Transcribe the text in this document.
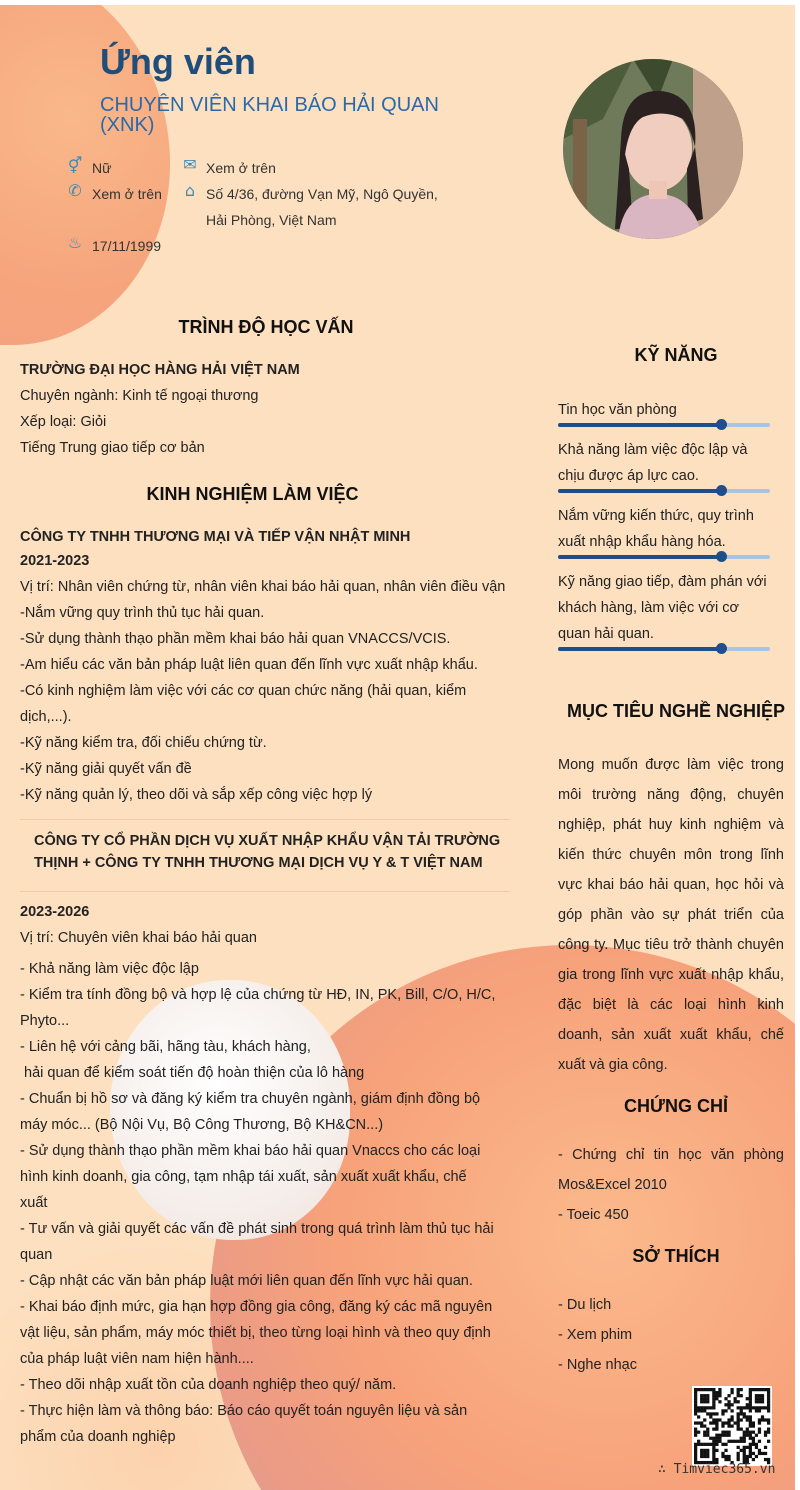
Ứng viên
CHUYÊN VIÊN KHAI BÁO HẢI QUAN (XNK)
⚥ Nữ	✉ Xem ở trên
✆ Xem ở trên ⌂ Số 4/36, đường Vạn Mỹ, Ngô Quyền,
Hải Phòng, Việt Nam
♨ 17/11/1999
TRÌNH ĐỘ HỌC VẤN
TRƯỜNG ĐẠI HỌC HÀNG HẢI VIỆT NAM
Chuyên ngành: Kinh tế ngoại thương
Xếp loại: Giỏi
Tiếng Trung giao tiếp cơ bản
KINH NGHIỆM LÀM VIỆC
CÔNG TY TNHH THƯƠNG MẠI VÀ TIẾP VẬN NHẬT MINH
2021-2023
Vị trí: Nhân viên chứng từ, nhân viên khai báo hải quan, nhân viên điều vận
-Nắm vững quy trình thủ tục hải quan.
-Sử dụng thành thạo phần mềm khai báo hải quan VNACCS/VCIS.
-Am hiểu các văn bản pháp luật liên quan đến lĩnh vực xuất nhập khẩu.
-Có kinh nghiệm làm việc với các cơ quan chức năng (hải quan, kiểm
dịch,...).
-Kỹ năng kiểm tra, đối chiếu chứng từ.
-Kỹ năng giải quyết vấn đề
-Kỹ năng quản lý, theo dõi và sắp xếp công việc hợp lý
CÔNG TY CỔ PHẦN DỊCH VỤ XUẤT NHẬP KHẨU VẬN TẢI TRƯỜNG
THỊNH + CÔNG TY TNHH THƯƠNG MẠI DỊCH VỤ Y & T VIỆT NAM
2023-2026
Vị trí: Chuyên viên khai báo hải quan
- Khả năng làm việc độc lập
- Kiểm tra tính đồng bộ và hợp lệ của chứng từ HĐ, IN, PK, Bill, C/O, H/C,
Phyto...
- Liên hệ với cảng bãi, hãng tàu, khách hàng,
hải quan để kiểm soát tiến độ hoàn thiện của lô hàng
- Chuẩn bị hồ sơ và đăng ký kiểm tra chuyên ngành, giám định đồng bộ
máy móc... (Bộ Nội Vụ, Bộ Công Thương, Bộ KH&CN...)
- Sử dụng thành thạo phần mềm khai báo hải quan Vnaccs cho các loại
hình kinh doanh, gia công, tạm nhập tái xuất, sản xuất xuất khẩu, chế
xuất
- Tư vấn và giải quyết các vấn đề phát sinh trong quá trình làm thủ tục hải
quan
- Cập nhật các văn bản pháp luật mới liên quan đến lĩnh vực hải quan.
- Khai báo định mức, gia hạn hợp đồng gia công, đăng ký các mã nguyên
vật liệu, sản phẩm, máy móc thiết bị, theo từng loại hình và theo quy định
của pháp luật viên nam hiện hành....
- Theo dõi nhập xuất tồn của doanh nghiệp theo quý/ năm.
- Thực hiện làm và thông báo: Báo cáo quyết toán nguyên liệu và sản
phẩm của doanh nghiệp
KỸ NĂNG
Tin học văn phòng
Khả năng làm việc độc lập và chịu được áp lực cao.
Nắm vững kiến thức, quy trình xuất nhập khẩu hàng hóa.
Kỹ năng giao tiếp, đàm phán với khách hàng, làm việc với cơ quan hải quan.
MỤC TIÊU NGHỀ NGHIỆP
Mong muốn được làm việc trong môi trường năng động, chuyên nghiệp, phát huy kinh nghiệm và kiến thức chuyên môn trong lĩnh vực khai báo hải quan, học hỏi và góp phần vào sự phát triển của công ty. Mục tiêu trở thành chuyên gia trong lĩnh vực xuất nhập khẩu, đặc biệt là các loại hình kinh doanh, sản xuất xuất khẩu, chế xuất và gia công.
CHỨNG CHỈ
- Chứng chỉ tin học văn phòng Mos&Excel 2010
- Toeic 450
SỞ THÍCH
- Du lịch
- Xem phim
- Nghe nhạc
∴ Timviec365.vn
